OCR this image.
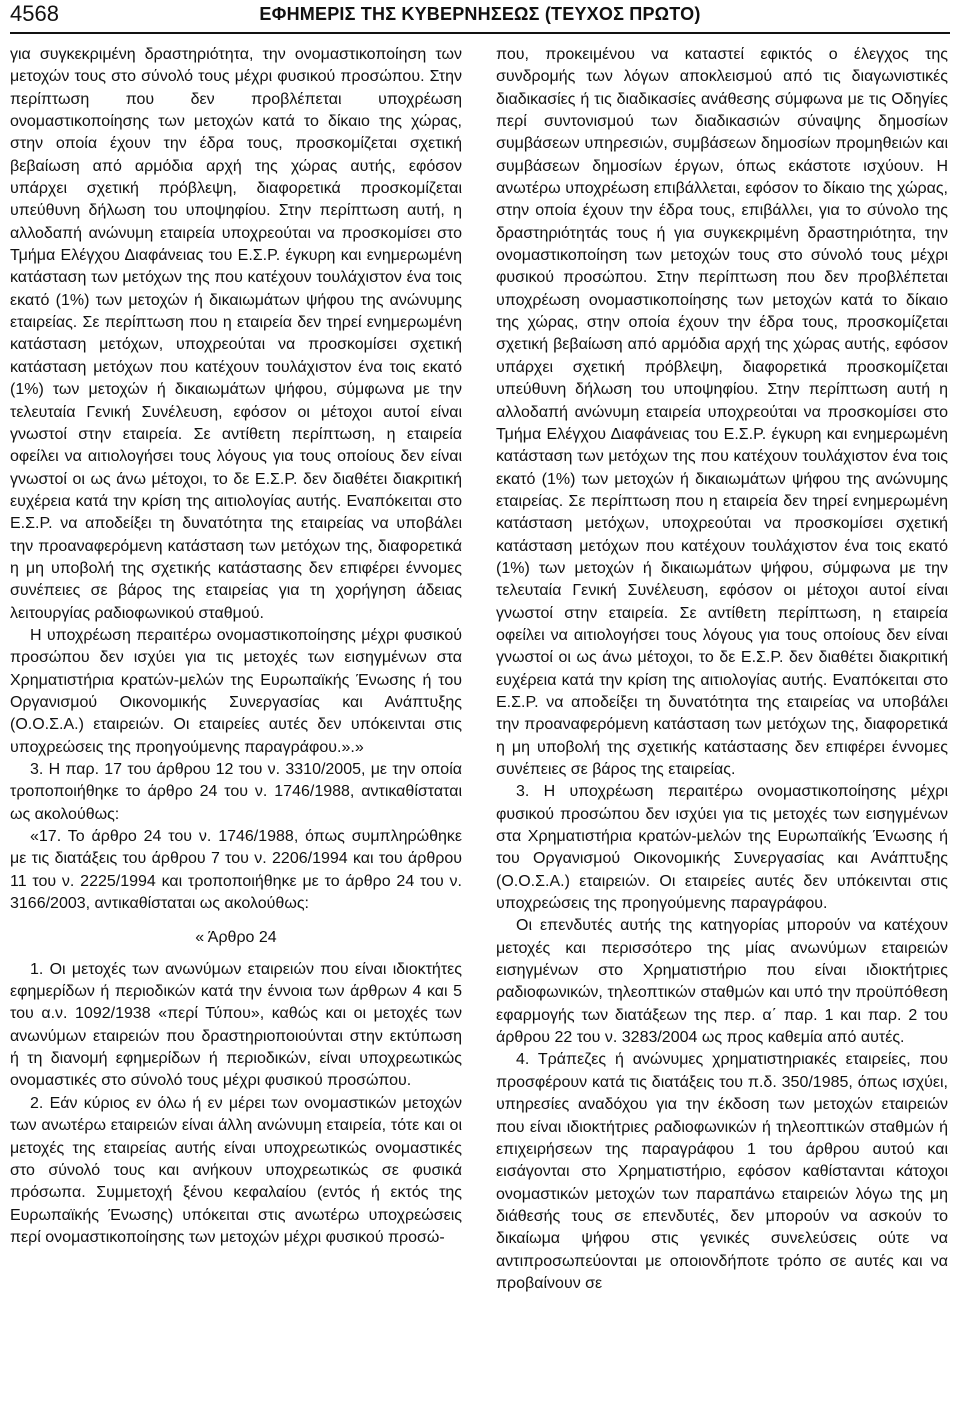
4568	ΕΦΗΜΕΡΙΣ ΤΗΣ ΚΥΒΕΡΝΗΣΕΩΣ (ΤΕΥΧΟΣ ΠΡΩΤΟ)

για συγκεκριμένη δραστηριότητα, την ονομαστικοποίηση των μετοχών τους στο σύνολό τους μέχρι φυσικού προσώπου. Στην περίπτωση που δεν προβλέπεται υποχρέωση ονομαστικοποίησης των μετοχών κατά το δίκαιο της χώρας, στην οποία έχουν την έδρα τους, προσκομίζεται σχετική βεβαίωση από αρμόδια αρχή της χώρας αυτής, εφόσον υπάρχει σχετική πρόβλεψη, διαφορετικά προσκομίζεται υπεύθυνη δήλωση του υποψηφίου. Στην περίπτωση αυτή, η αλλοδαπή ανώνυμη εταιρεία υποχρεούται να προσκομίσει στο Τμήμα Ελέγχου Διαφάνειας του Ε.Σ.Ρ. έγκυρη και ενημερωμένη κατάσταση των μετόχων της που κατέχουν τουλάχιστον ένα τοις εκατό (1%) των μετοχών ή δικαιωμάτων ψήφου της ανώνυμης εταιρείας. Σε περίπτωση που η εταιρεία δεν τηρεί ενημερωμένη κατάσταση μετόχων, υποχρεούται να προσκομίσει σχετική κατάσταση μετόχων που κατέχουν τουλάχιστον ένα τοις εκατό (1%) των μετοχών ή δικαιωμάτων ψήφου, σύμφωνα με την τελευταία Γενική Συνέλευση, εφόσον οι μέτοχοι αυτοί είναι γνωστοί στην εταιρεία. Σε αντίθετη περίπτωση, η εταιρεία οφείλει να αιτιολογήσει τους λόγους για τους οποίους δεν είναι γνωστοί οι ως άνω μέτοχοι, το δε Ε.Σ.Ρ. δεν διαθέτει διακριτική ευχέρεια κατά την κρίση της αιτιολογίας αυτής. Εναπόκειται στο Ε.Σ.Ρ. να αποδείξει τη δυνατότητα της εταιρείας να υποβάλει την προαναφερόμενη κατάσταση των μετόχων της, διαφορετικά η μη υποβολή της σχετικής κατάστασης δεν επιφέρει έννομες συνέπειες σε βάρος της εταιρείας για τη χορήγηση άδειας λειτουργίας ραδιοφωνικού σταθμού.

Η υποχρέωση περαιτέρω ονομαστικοποίησης μέχρι φυσικού προσώπου δεν ισχύει για τις μετοχές των εισηγμένων στα Χρηματιστήρια κρατών-μελών της Ευρωπαϊκής Ένωσης ή του Οργανισμού Οικονομικής Συνεργασίας και Ανάπτυξης (Ο.Ο.Σ.Α.) εταιρειών. Οι εταιρείες αυτές δεν υπόκεινται στις υποχρεώσεις της προηγούμενης παραγράφου.».»

3. Η παρ. 17 του άρθρου 12 του ν. 3310/2005, με την οποία τροποποιήθηκε το άρθρο 24 του ν. 1746/1988, αντικαθίσταται ως ακολούθως:

«17. Το άρθρο 24 του ν. 1746/1988, όπως συμπληρώθηκε με τις διατάξεις του άρθρου 7 του ν. 2206/1994 και του άρθρου 11 του ν. 2225/1994 και τροποποιήθηκε με το άρθρο 24 του ν. 3166/2003, αντικαθίσταται ως ακολούθως:

« Άρθρο 24

1. Οι μετοχές των ανωνύμων εταιρειών που είναι ιδιοκτήτες εφημερίδων ή περιοδικών κατά την έννοια των άρθρων 4 και 5 του α.ν. 1092/1938 «περί Τύπου», καθώς και οι μετοχές των ανωνύμων εταιρειών που δραστηριοποιούνται στην εκτύπωση ή τη διανομή εφημερίδων ή περιοδικών, είναι υποχρεωτικώς ονομαστικές στο σύνολό τους μέχρι φυσικού προσώπου.

2. Εάν κύριος εν όλω ή εν μέρει των ονομαστικών μετοχών των ανωτέρω εταιρειών είναι άλλη ανώνυμη εταιρεία, τότε και οι μετοχές της εταιρείας αυτής είναι υποχρεωτικώς ονομαστικές στο σύνολό τους και ανήκουν υποχρεωτικώς σε φυσικά πρόσωπα. Συμμετοχή ξένου κεφαλαίου (εντός ή εκτός της Ευρωπαϊκής Ένωσης) υπόκειται στις ανωτέρω υποχρεώσεις περί ονομαστικοποίησης των μετοχών μέχρι φυσικού προσώ-

που, προκειμένου να καταστεί εφικτός ο έλεγχος της συνδρομής των λόγων αποκλεισμού από τις διαγωνιστικές διαδικασίες ή τις διαδικασίες ανάθεσης σύμφωνα με τις Οδηγίες περί συντονισμού των διαδικασιών σύναψης δημοσίων συμβάσεων υπηρεσιών, συμβάσεων δημοσίων προμηθειών και συμβάσεων δημοσίων έργων, όπως εκάστοτε ισχύουν. Η ανωτέρω υποχρέωση επιβάλλεται, εφόσον το δίκαιο της χώρας, στην οποία έχουν την έδρα τους, επιβάλλει, για το σύνολο της δραστηριότητάς τους ή για συγκεκριμένη δραστηριότητα, την ονομαστικοποίηση των μετοχών τους στο σύνολό τους μέχρι φυσικού προσώπου. Στην περίπτωση που δεν προβλέπεται υποχρέωση ονομαστικοποίησης των μετοχών κατά το δίκαιο της χώρας, στην οποία έχουν την έδρα τους, προσκομίζεται σχετική βεβαίωση από αρμόδια αρχή της χώρας αυτής, εφόσον υπάρχει σχετική πρόβλεψη, διαφορετικά προσκομίζεται υπεύθυνη δήλωση του υποψηφίου. Στην περίπτωση αυτή η αλλοδαπή ανώνυμη εταιρεία υποχρεούται να προσκομίσει στο Τμήμα Ελέγχου Διαφάνειας του Ε.Σ.Ρ. έγκυρη και ενημερωμένη κατάσταση των μετόχων της που κατέχουν τουλάχιστον ένα τοις εκατό (1%) των μετοχών ή δικαιωμάτων ψήφου της ανώνυμης εταιρείας. Σε περίπτωση που η εταιρεία δεν τηρεί ενημερωμένη κατάσταση μετόχων, υποχρεούται να προσκομίσει σχετική κατάσταση μετόχων που κατέχουν τουλάχιστον ένα τοις εκατό (1%) των μετοχών ή δικαιωμάτων ψήφου, σύμφωνα με την τελευταία Γενική Συνέλευση, εφόσον οι μέτοχοι αυτοί είναι γνωστοί στην εταιρεία. Σε αντίθετη περίπτωση, η εταιρεία οφείλει να αιτιολογήσει τους λόγους για τους οποίους δεν είναι γνωστοί οι ως άνω μέτοχοι, το δε Ε.Σ.Ρ. δεν διαθέτει διακριτική ευχέρεια κατά την κρίση της αιτιολογίας αυτής. Εναπόκειται στο Ε.Σ.Ρ. να αποδείξει τη δυνατότητα της εταιρείας να υποβάλει την προαναφερόμενη κατάσταση των μετόχων της, διαφορετικά η μη υποβολή της σχετικής κατάστασης δεν επιφέρει έννομες συνέπειες σε βάρος της εταιρείας.

3. Η υποχρέωση περαιτέρω ονομαστικοποίησης μέχρι φυσικού προσώπου δεν ισχύει για τις μετοχές των εισηγμένων στα Χρηματιστήρια κρατών-μελών της Ευρωπαϊκής Ένωσης ή του Οργανισμού Οικονομικής Συνεργασίας και Ανάπτυξης (Ο.Ο.Σ.Α.) εταιρειών. Οι εταιρείες αυτές δεν υπόκεινται στις υποχρεώσεις της προηγούμενης παραγράφου.

Οι επενδυτές αυτής της κατηγορίας μπορούν να κατέχουν μετοχές και περισσότερο της μίας ανωνύμων εταιρειών εισηγμένων στο Χρηματιστήριο που είναι ιδιοκτήτριες ραδιοφωνικών, τηλεοπτικών σταθμών και υπό την προϋπόθεση εφαρμογής των διατάξεων της περ. α΄ παρ. 1 και παρ. 2 του άρθρου 22 του ν. 3283/2004 ως προς καθεμία από αυτές.

4. Τράπεζες ή ανώνυμες χρηματιστηριακές εταιρείες, που προσφέρουν κατά τις διατάξεις του π.δ. 350/1985, όπως ισχύει, υπηρεσίες αναδόχου για την έκδοση των μετοχών εταιρειών που είναι ιδιοκτήτριες ραδιοφωνικών ή τηλεοπτικών σταθμών ή επιχειρήσεων της παραγράφου 1 του άρθρου αυτού και εισάγονται στο Χρηματιστήριο, εφόσον καθίστανται κάτοχοι ονομαστικών μετοχών των παραπάνω εταιρειών λόγω της μη διάθεσής τους σε επενδυτές, δεν μπορούν να ασκούν το δικαίωμα ψήφου στις γενικές συνελεύσεις ούτε να αντιπροσωπεύονται με οποιονδήποτε τρόπο σε αυτές και να προβαίνουν σε
